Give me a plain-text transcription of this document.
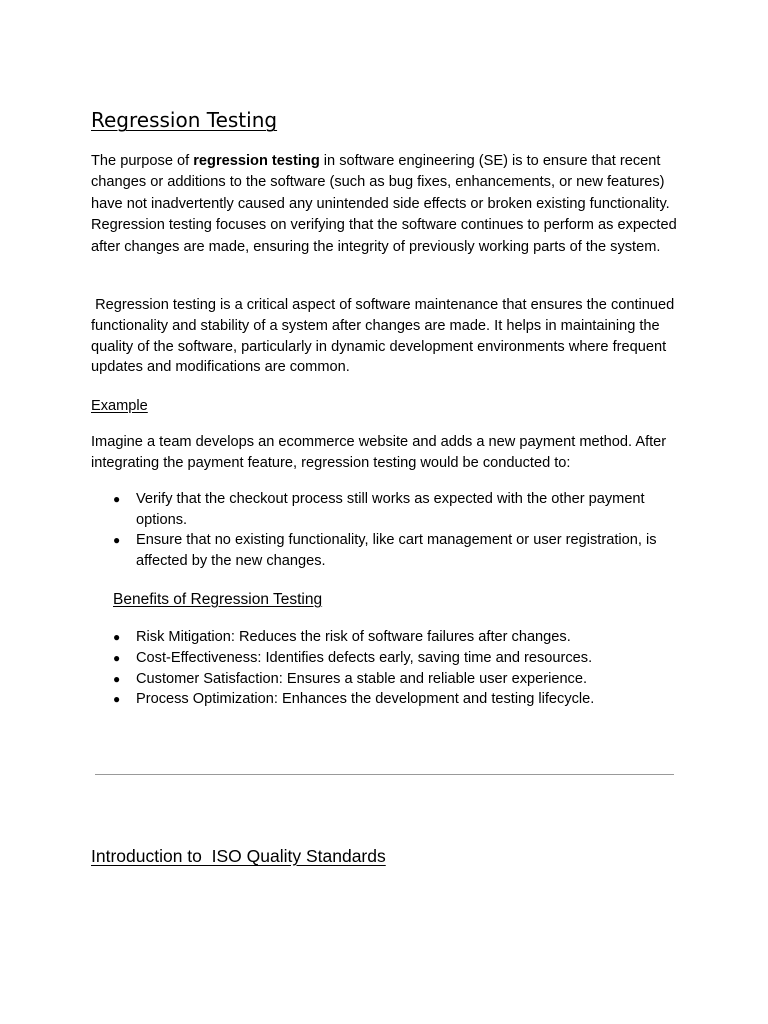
Regression Testing

The purpose of regression testing in software engineering (SE) is to ensure that recent changes or additions to the software (such as bug fixes, enhancements, or new features) have not inadvertently caused any unintended side effects or broken existing functionality. Regression testing focuses on verifying that the software continues to perform as expected after changes are made, ensuring the integrity of previously working parts of the system.

Regression testing is a critical aspect of software maintenance that ensures the continued functionality and stability of a system after changes are made. It helps in maintaining the quality of the software, particularly in dynamic development environments where frequent updates and modifications are common.

Example

Imagine a team develops an ecommerce website and adds a new payment method. After integrating the payment feature, regression testing would be conducted to:

● Verify that the checkout process still works as expected with the other payment options.
● Ensure that no existing functionality, like cart management or user registration, is affected by the new changes.
Benefits of Regression Testing
● Risk Mitigation: Reduces the risk of software failures after changes.
● Cost-Effectiveness: Identifies defects early, saving time and resources.
● Customer Satisfaction: Ensures a stable and reliable user experience.
● Process Optimization: Enhances the development and testing lifecycle.
Introduction to  ISO Quality Standards
